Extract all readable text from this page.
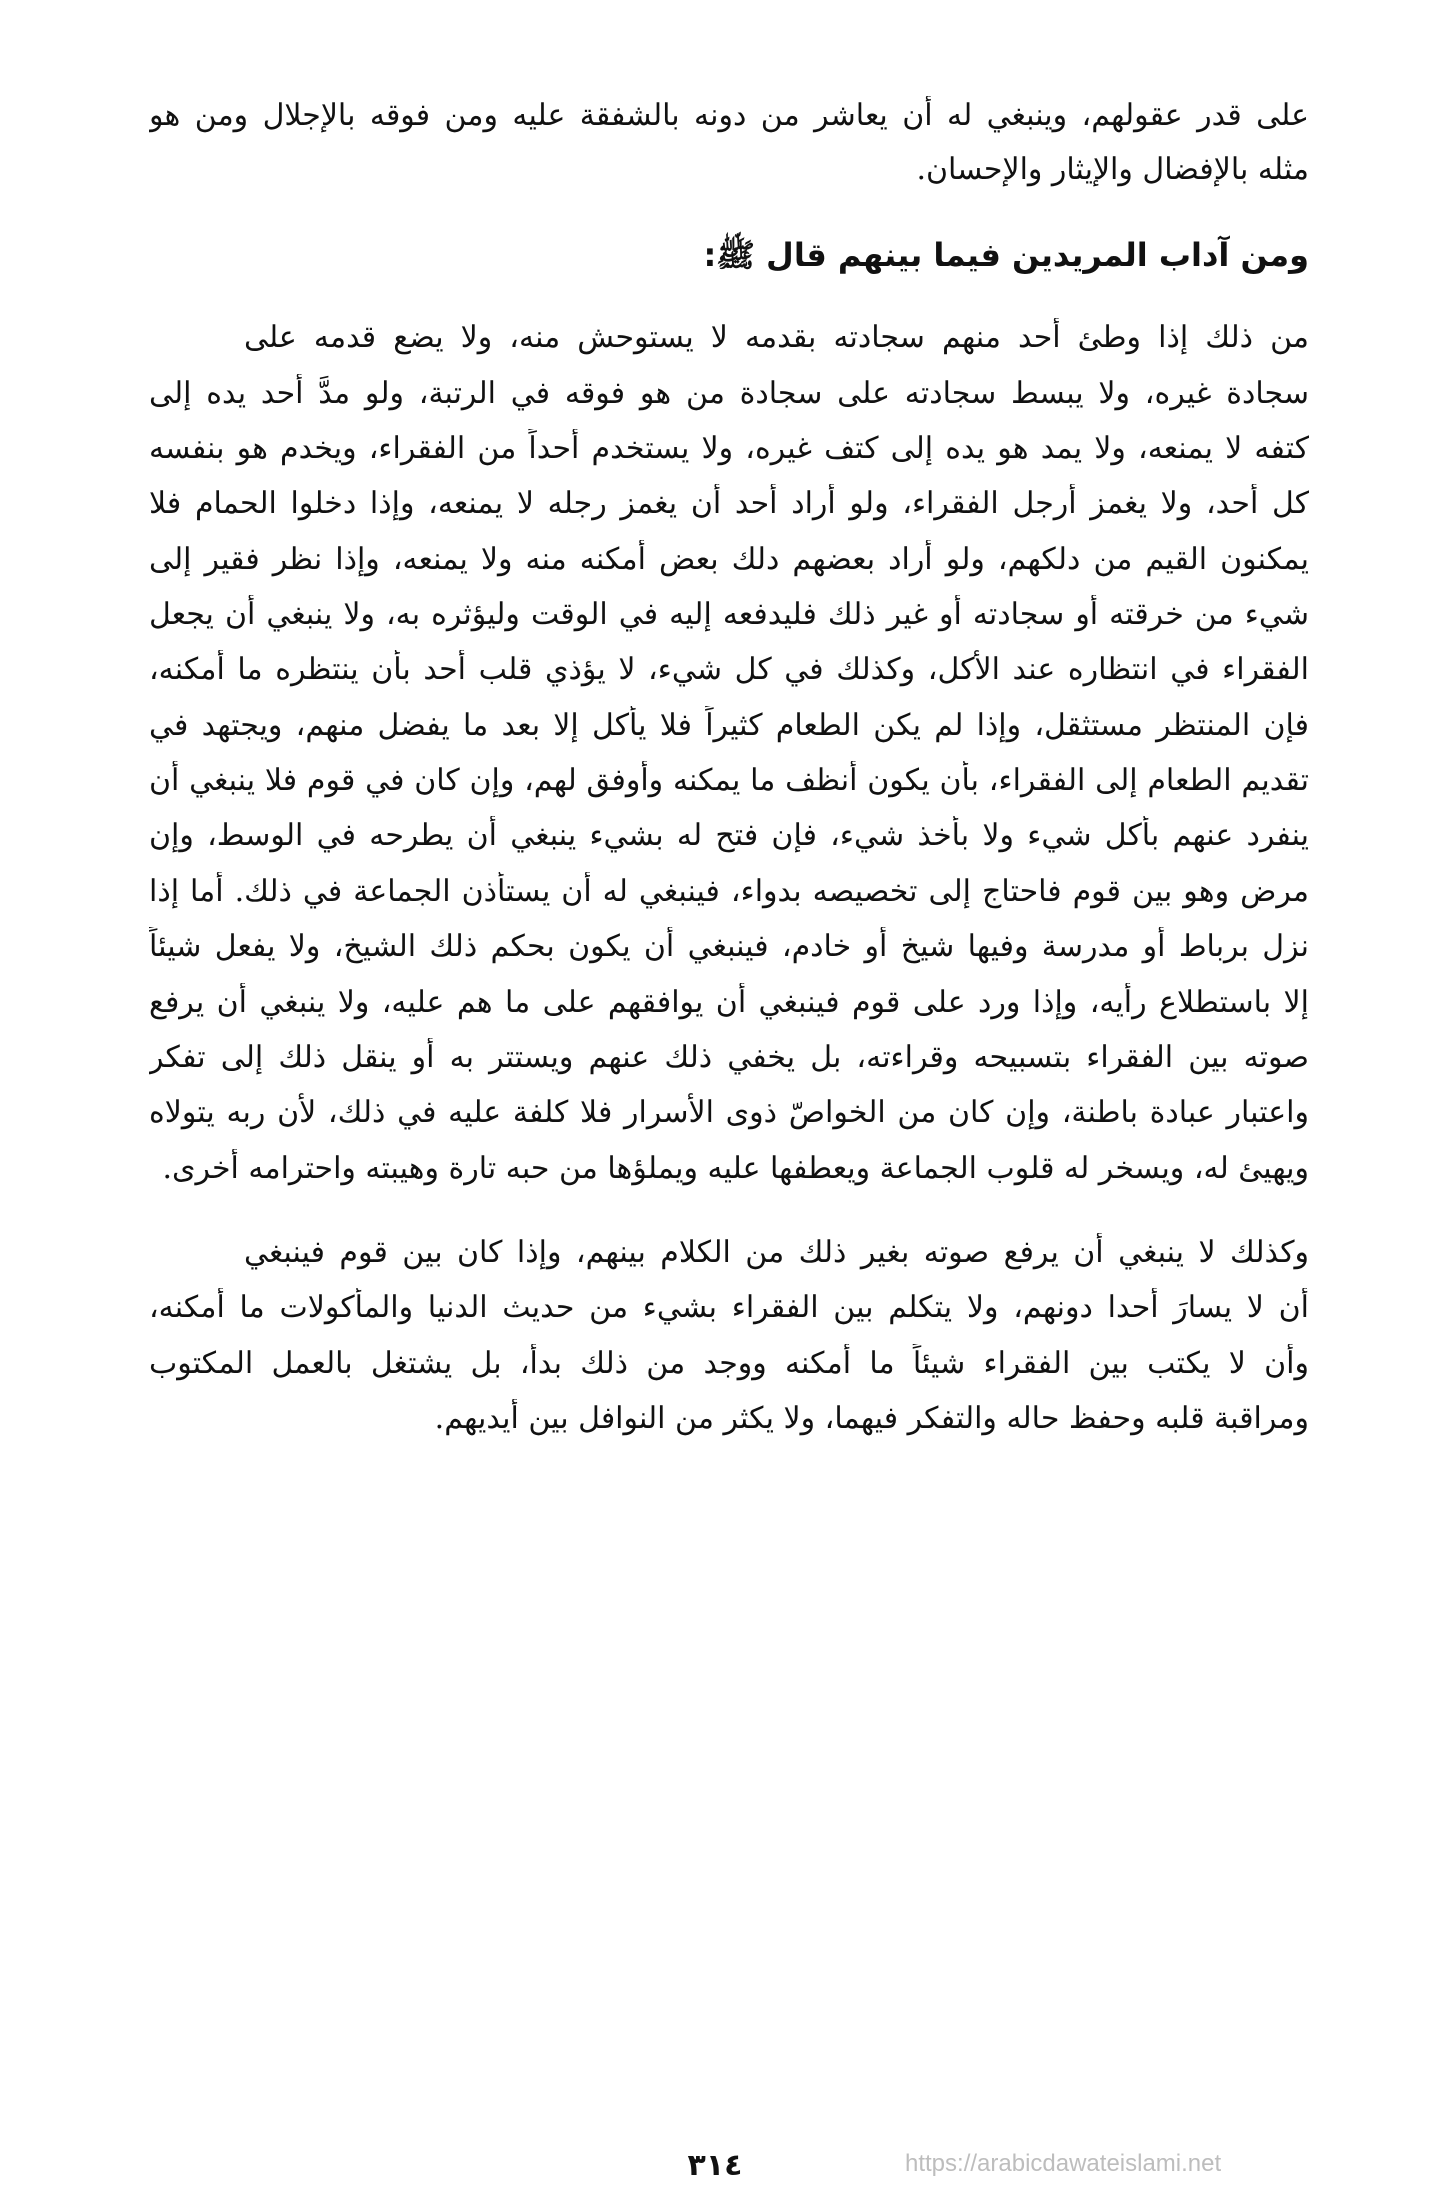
على قدر عقولهم، وينبغي له أن يعاشر من دونه بالشفقة عليه ومن فوقه بالإجلال ومن هو
مثله بالإفضال والإيثار والإحسان.
ومن آداب المريدين فيما بينهم قال ﷺ:
من ذلك إذا وطئ أحد منهم سجادته بقدمه لا يستوحش منه، ولا يضع قدمه على
سجادة غيره، ولا يبسط سجادته على سجادة من هو فوقه في الرتبة، ولو مدَّ أحد يده إلى
كتفه لا يمنعه، ولا يمد هو يده إلى كتف غيره، ولا يستخدم أحداً من الفقراء، ويخدم هو بنفسه
كل أحد، ولا يغمز أرجل الفقراء، ولو أراد أحد أن يغمز رجله لا يمنعه، وإذا دخلوا الحمام فلا
يمكنون القيم من دلكهم، ولو أراد بعضهم دلك بعض أمكنه منه ولا يمنعه، وإذا نظر فقير إلى
شيء من خرقته أو سجادته أو غير ذلك فليدفعه إليه في الوقت وليؤثره به، ولا ينبغي أن يجعل
الفقراء في انتظاره عند الأكل، وكذلك في كل شيء، لا يؤذي قلب أحد بأن ينتظره ما أمكنه،
فإن المنتظر مستثقل، وإذا لم يكن الطعام كثيراً فلا يأكل إلا بعد ما يفضل منهم، ويجتهد في
تقديم الطعام إلى الفقراء، بأن يكون أنظف ما يمكنه وأوفق لهم، وإن كان في قوم فلا ينبغي أن
ينفرد عنهم بأكل شيء ولا بأخذ شيء، فإن فتح له بشيء ينبغي أن يطرحه في الوسط، وإن
مرض وهو بين قوم فاحتاج إلى تخصيصه بدواء، فينبغي له أن يستأذن الجماعة في ذلك. أما إذا
نزل برباط أو مدرسة وفيها شيخ أو خادم، فينبغي أن يكون بحكم ذلك الشيخ، ولا يفعل شيئاً
إلا باستطلاع رأيه، وإذا ورد على قوم فينبغي أن يوافقهم على ما هم عليه، ولا ينبغي أن يرفع
صوته بين الفقراء بتسبيحه وقراءته، بل يخفي ذلك عنهم ويستتر به أو ينقل ذلك إلى تفكر
واعتبار عبادة باطنة، وإن كان من الخواصّ ذوى الأسرار فلا كلفة عليه في ذلك، لأن ربه يتولاه
ويهيئ له، ويسخر له قلوب الجماعة ويعطفها عليه ويملؤها من حبه تارة وهيبته واحترامه أخرى.
وكذلك لا ينبغي أن يرفع صوته بغير ذلك من الكلام بينهم، وإذا كان بين قوم فينبغي
أن لا يسارَ أحدا دونهم، ولا يتكلم بين الفقراء بشيء من حديث الدنيا والمأكولات ما أمكنه،
وأن لا يكتب بين الفقراء شيئاً ما أمكنه ووجد من ذلك بدأ، بل يشتغل بالعمل المكتوب
ومراقبة قلبه وحفظ حاله والتفكر فيهما، ولا يكثر من النوافل بين أيديهم.
٣١٤	https://arabicdawateislami.net
